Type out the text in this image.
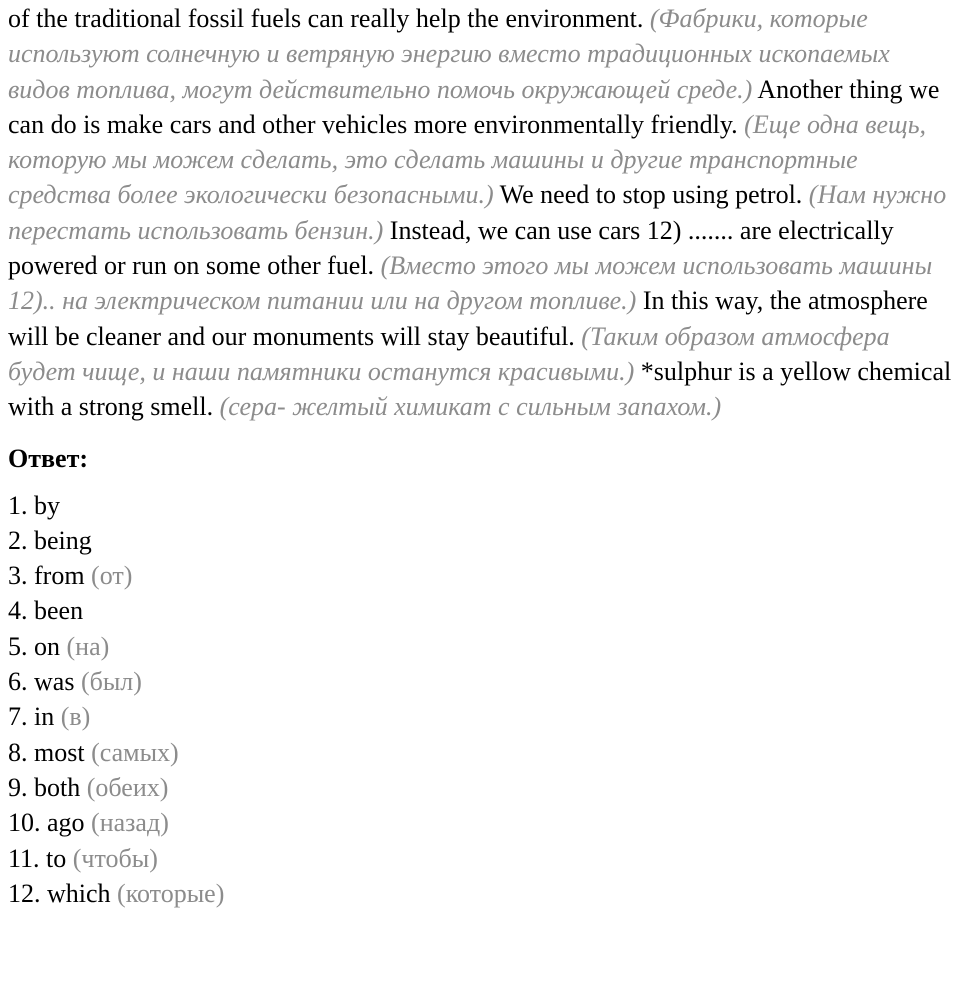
of the traditional fossil fuels can really help the environment. (Фабрики, которые используют солнечную и ветряную энергию вместо традиционных ископаемых видов топлива, могут действительно помочь окружающей среде.) Another thing we can do is make cars and other vehicles more environmentally friendly. (Еще одна вещь, которую мы можем сделать, это сделать машины и другие транспортные средства более экологически безопасными.) We need to stop using petrol. (Нам нужно перестать использовать бензин.) Instead, we can use cars 12) ....... are electrically powered or run on some other fuel. (Вместо этого мы можем использовать машины 12).. на электрическом питании или на другом топливе.) In this way, the atmosphere will be cleaner and our monuments will stay beautiful. (Таким образом атмосфера будет чище, и наши памятники останутся красивыми.) *sulphur is a yellow chemical with a strong smell. (сера- желтый химикат с сильным запахом.)

Ответ:
1. by
2. being
3. from (от)
4. been
5. on (на)
6. was (был)
7. in (в)
8. most (самых)
9. both (обеих)
10. ago (назад)
11. to (чтобы)
12. which (которые)
